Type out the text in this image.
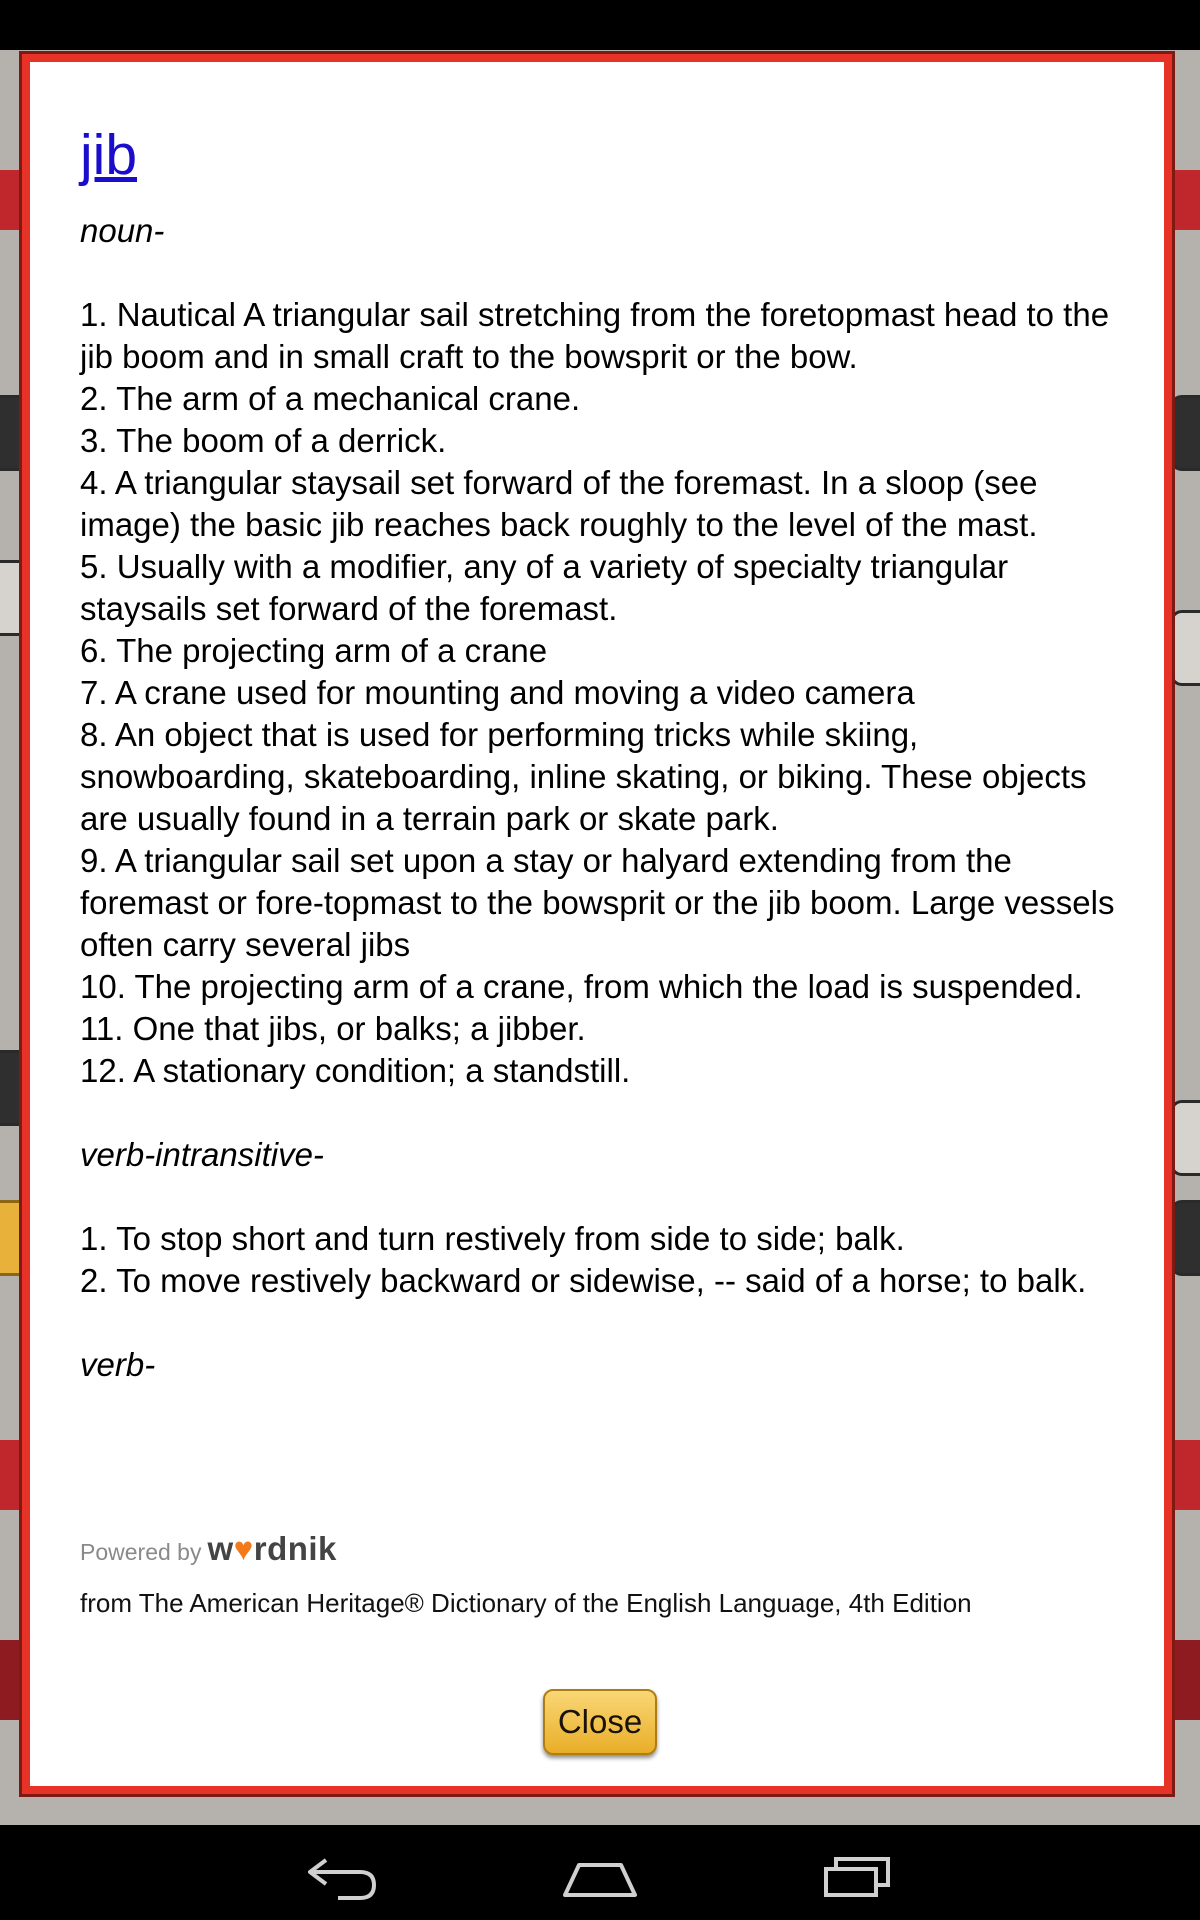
jib
noun-
1. Nautical A triangular sail stretching from the foretopmast head to the jib boom and in small craft to the bowsprit or the bow.
2. The arm of a mechanical crane.
3. The boom of a derrick.
4. A triangular staysail set forward of the foremast. In a sloop (see image) the basic jib reaches back roughly to the level of the mast.
5. Usually with a modifier, any of a variety of specialty triangular staysails set forward of the foremast.
6. The projecting arm of a crane
7. A crane used for mounting and moving a video camera
8. An object that is used for performing tricks while skiing, snowboarding, skateboarding, inline skating, or biking. These objects are usually found in a terrain park or skate park.
9. A triangular sail set upon a stay or halyard extending from the foremast or fore-topmast to the bowsprit or the jib boom. Large vessels often carry several jibs
10. The projecting arm of a crane, from which the load is suspended.
11. One that jibs, or balks; a jibber.
12. A stationary condition; a standstill.
verb-intransitive-
1. To stop short and turn restively from side to side; balk.
2. To move restively backward or sidewise, -- said of a horse; to balk.
verb-
Powered by w♥rdnik
from The American Heritage® Dictionary of the English Language, 4th Edition
Close
